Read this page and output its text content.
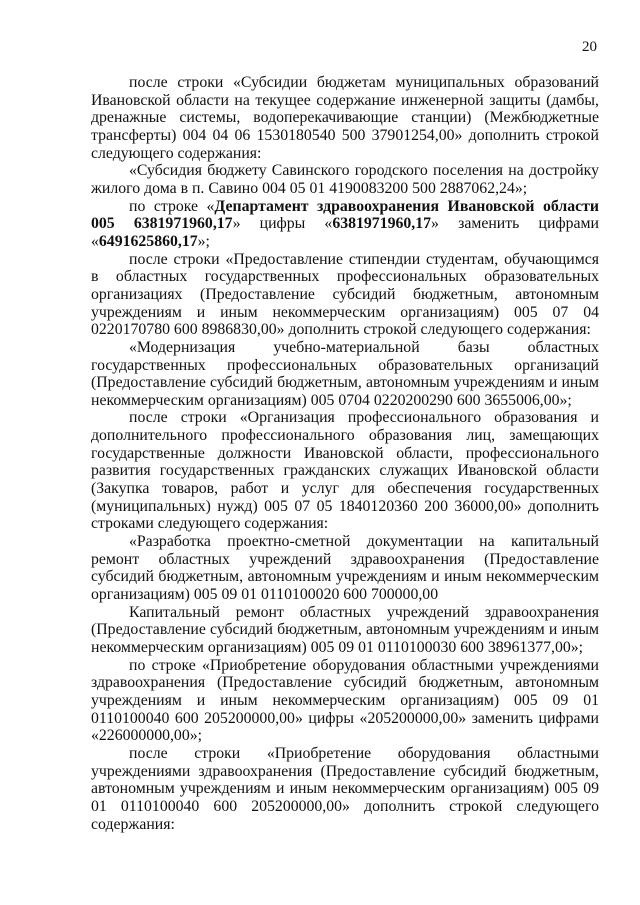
20

после строки «Субсидии бюджетам муниципальных образований Ивановской области на текущее содержание инженерной защиты (дамбы, дренажные системы, водоперекачивающие станции) (Межбюджетные трансферты) 004 04 06 1530180540 500 37901254,00» дополнить строкой следующего содержания:

«Субсидия бюджету Савинского городского поселения на достройку жилого дома в п. Савино 004 05 01 4190083200 500 2887062,24»;

по строке «Департамент здравоохранения Ивановской области 005 6381971960,17» цифры «6381971960,17» заменить цифрами «6491625860,17»;

после строки «Предоставление стипендии студентам, обучающимся в областных государственных профессиональных образовательных организациях (Предоставление субсидий бюджетным, автономным учреждениям и иным некоммерческим организациям) 005 07 04 0220170780 600 8986830,00» дополнить строкой следующего содержания:

«Модернизация учебно-материальной базы областных государственных профессиональных образовательных организаций (Предоставление субсидий бюджетным, автономным учреждениям и иным некоммерческим организациям) 005 0704 0220200290 600 3655006,00»;

после строки «Организация профессионального образования и дополнительного профессионального образования лиц, замещающих государственные должности Ивановской области, профессионального развития государственных гражданских служащих Ивановской области (Закупка товаров, работ и услуг для обеспечения государственных (муниципальных) нужд) 005 07 05 1840120360 200 36000,00» дополнить строками следующего содержания:

«Разработка проектно-сметной документации на капитальный ремонт областных учреждений здравоохранения (Предоставление субсидий бюджетным, автономным учреждениям и иным некоммерческим организациям) 005 09 01 0110100020 600 700000,00

Капитальный ремонт областных учреждений здравоохранения (Предоставление субсидий бюджетным, автономным учреждениям и иным некоммерческим организациям) 005 09 01 0110100030 600 38961377,00»;

по строке «Приобретение оборудования областными учреждениями здравоохранения (Предоставление субсидий бюджетным, автономным учреждениям и иным некоммерческим организациям) 005 09 01 0110100040 600 205200000,00» цифры «205200000,00» заменить цифрами «226000000,00»;

после строки «Приобретение оборудования областными учреждениями здравоохранения (Предоставление субсидий бюджетным, автономным учреждениям и иным некоммерческим организациям) 005 09 01 0110100040 600 205200000,00» дополнить строкой следующего содержания:
